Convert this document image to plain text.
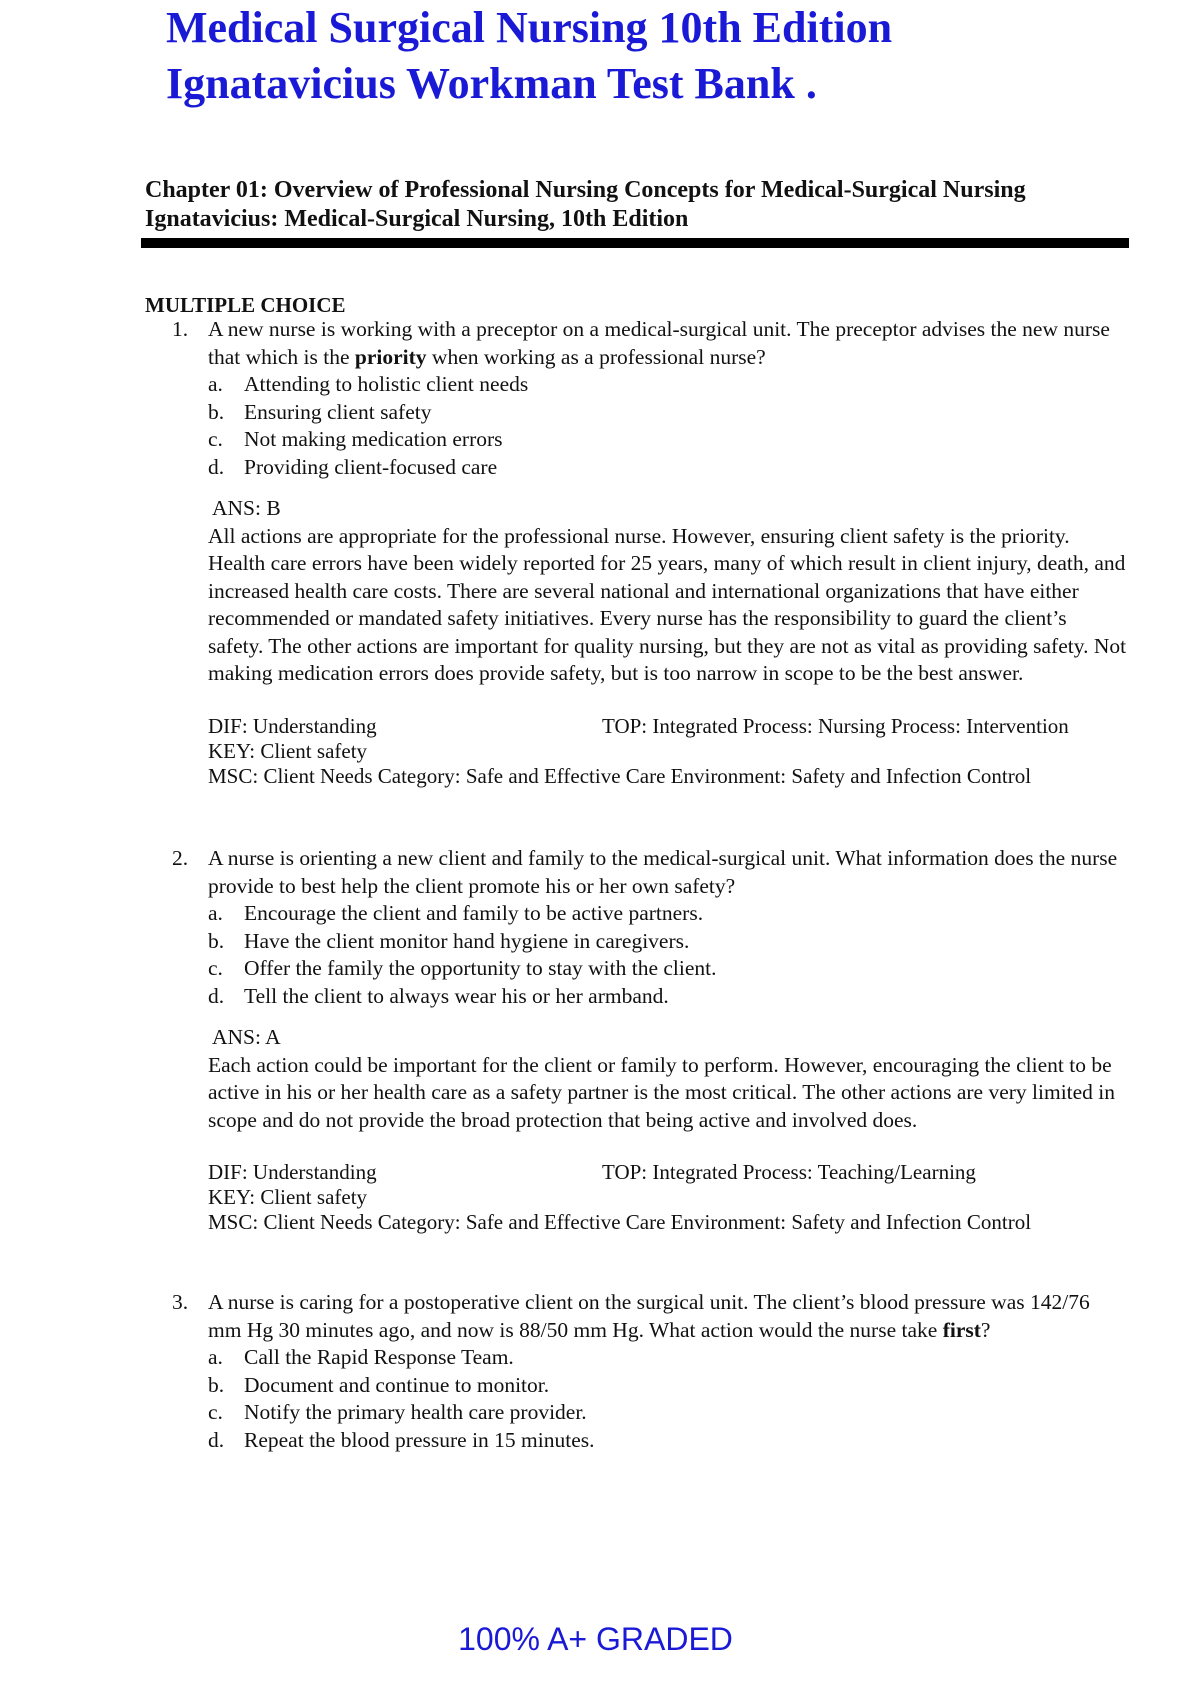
Medical Surgical Nursing 10th Edition
Ignatavicius Workman Test Bank .
Chapter 01: Overview of Professional Nursing Concepts for Medical-Surgical Nursing
Ignatavicius: Medical-Surgical Nursing, 10th Edition
MULTIPLE CHOICE
1. A new nurse is working with a preceptor on a medical-surgical unit. The preceptor advises the new nurse that which is the priority when working as a professional nurse?
a. Attending to holistic client needs
b. Ensuring client safety
c. Not making medication errors
d. Providing client-focused care
ANS: B
All actions are appropriate for the professional nurse. However, ensuring client safety is the priority. Health care errors have been widely reported for 25 years, many of which result in client injury, death, and increased health care costs. There are several national and international organizations that have either recommended or mandated safety initiatives. Every nurse has the responsibility to guard the client’s safety. The other actions are important for quality nursing, but they are not as vital as providing safety. Not making medication errors does provide safety, but is too narrow in scope to be the best answer.
DIF: Understanding	TOP: Integrated Process: Nursing Process: Intervention
KEY: Client safety
MSC: Client Needs Category: Safe and Effective Care Environment: Safety and Infection Control
2. A nurse is orienting a new client and family to the medical-surgical unit. What information does the nurse provide to best help the client promote his or her own safety?
a. Encourage the client and family to be active partners.
b. Have the client monitor hand hygiene in caregivers.
c. Offer the family the opportunity to stay with the client.
d. Tell the client to always wear his or her armband.
ANS: A
Each action could be important for the client or family to perform. However, encouraging the client to be active in his or her health care as a safety partner is the most critical. The other actions are very limited in scope and do not provide the broad protection that being active and involved does.
DIF: Understanding	TOP: Integrated Process: Teaching/Learning
KEY: Client safety
MSC: Client Needs Category: Safe and Effective Care Environment: Safety and Infection Control
3. A nurse is caring for a postoperative client on the surgical unit. The client’s blood pressure was 142/76 mm Hg 30 minutes ago, and now is 88/50 mm Hg. What action would the nurse take first?
a. Call the Rapid Response Team.
b. Document and continue to monitor.
c. Notify the primary health care provider.
d. Repeat the blood pressure in 15 minutes.
100% A+ GRADED
